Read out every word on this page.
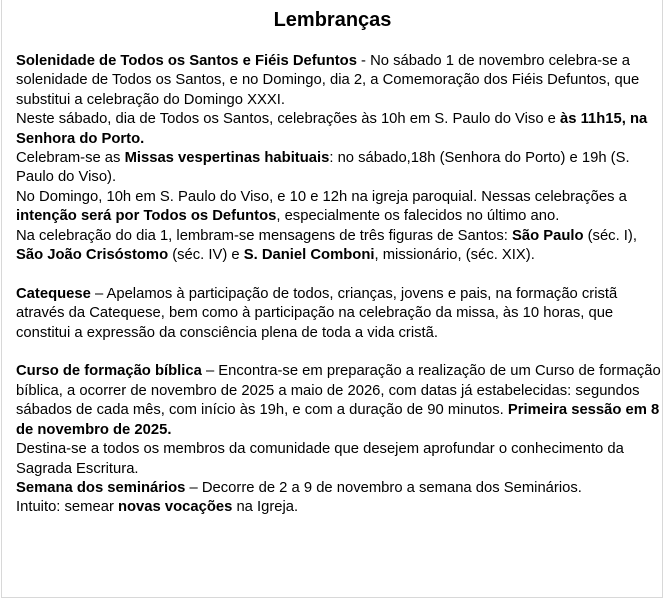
Lembranças

Solenidade de Todos os Santos e Fiéis Defuntos - No sábado 1 de novembro celebra-se a solenidade de Todos os Santos, e no Domingo, dia 2, a Comemoração dos Fiéis Defuntos, que substitui a celebração do Domingo XXXI.

Neste sábado, dia de Todos os Santos, celebrações às 10h em S. Paulo do Viso e às 11h15, na Senhora do Porto.

Celebram-se as Missas vespertinas habituais: no sábado,18h (Senhora do Porto) e 19h (S. Paulo do Viso).

No Domingo, 10h em S. Paulo do Viso, e 10 e 12h na igreja paroquial. Nessas celebrações a intenção será por Todos os Defuntos, especialmente os falecidos no último ano.

Na celebração do dia 1, lembram-se mensagens de três figuras de Santos: São Paulo (séc. I), São João Crisóstomo (séc. IV) e S. Daniel Comboni, missionário, (séc. XIX).

Catequese – Apelamos à participação de todos, crianças, jovens e pais, na formação cristã através da Catequese, bem como à participação na celebração da missa, às 10 horas, que constitui a expressão da consciência plena de toda a vida cristã.

Curso de formação bíblica – Encontra-se em preparação a realização de um Curso de formação bíblica, a ocorrer de novembro de 2025 a maio de 2026, com datas já estabelecidas: segundos sábados de cada mês, com início às 19h, e com a duração de 90 minutos. Primeira sessão em 8 de novembro de 2025.

Destina-se a todos os membros da comunidade que desejem aprofundar o conhecimento da Sagrada Escritura.

Semana dos seminários – Decorre de 2 a 9 de novembro a semana dos Seminários.

Intuito: semear novas vocações na Igreja.
